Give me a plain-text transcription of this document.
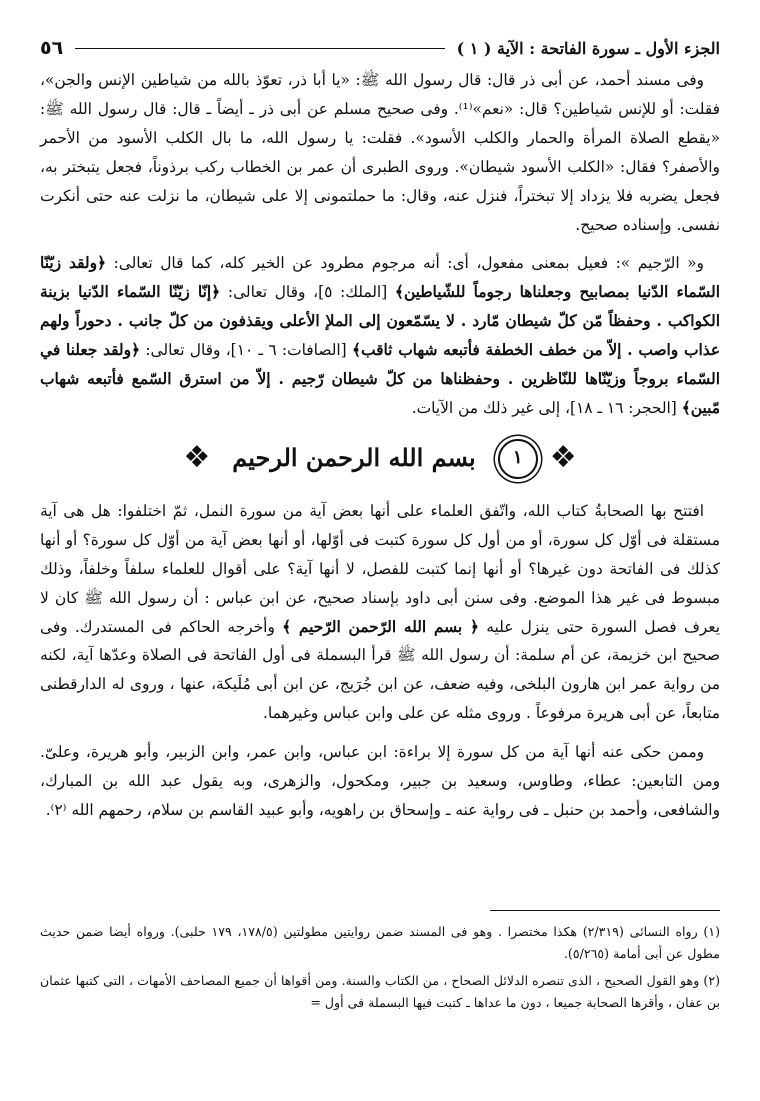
٥٦	الجزء الأول ـ سورة الفاتحة : الآية ( ١ )

وفى مسند أحمد، عن أبى ذر قال: قال رسول الله ﷺ: «يا أبا ذر، تعوّذ بالله من شياطين الإنس والجن»، فقلت: أو للإنس شياطين؟ قال: «نعم»⁽¹⁾. وفى صحيح مسلم عن أبى ذر ـ أيضاً ـ قال: قال رسول الله ﷺ: «يقطع الصلاة المرأة والحمار والكلب الأسود». فقلت: يا رسول الله، ما بال الكلب الأسود من الأحمر والأصفر؟ فقال: «الكلب الأسود شيطان». وروى الطبرى أن عمر بن الخطاب ركب برذوناً، فجعل يتبختر به، فجعل يضربه فلا يزداد إلا تبختراً، فنزل عنه، وقال: ما حملتمونى إلا على شيطان، ما نزلت عنه حتى أنكرت نفسى. وإسناده صحيح.

و« الرّجيم »: فعيل بمعنى مفعول، أى: أنه مرجوم مطرود عن الخير كله، كما قال تعالى: ﴿ولقد زيّنّا السّماء الدّنيا بمصابيح وجعلناها رجوماً للشّياطين﴾ [الملك: ٥]، وقال تعالى: ﴿إنّا زيّنّا السّماء الدّنيا بزينة الكواكب . وحفظاً مّن كلّ شيطان مّارد . لا يسّمّعون إلى الملإ الأعلى ويقذفون من كلّ جانب . دحوراً ولهم عذاب واصب . إلاّ من خطف الخطفة فأتبعه شهاب ثاقب﴾ [الصافات: ٦ ـ ١٠]، وقال تعالى: ﴿ولقد جعلنا في السّماء بروجاً وزيّنّاها للنّاظرين . وحفظناها من كلّ شيطان رّجيم . إلاّ من استرق السّمع فأتبعه شهاب مّبين﴾ [الحجر: ١٦ ـ ١٨]، إلى غير ذلك من الآيات.

❖
١
بسم الله الرحمن الرحيم
❖

افتتح بها الصحابةُ كتاب الله، واتّفق العلماء على أنها بعض آية من سورة النمل، ثمّ اختلفوا: هل هى آية مستقلة فى أوّل كل سورة، أو من أول كل سورة كتبت فى أوّلها، أو أنها بعض آية من أوّل كل سورة؟ أو أنها كذلك فى الفاتحة دون غيرها؟ أو أنها إنما كتبت للفصل، لا أنها آية؟ على أقوال للعلماء سلفاً وخلفاً، وذلك مبسوط فى غير هذا الموضع. وفى سنن أبى داود بإسناد صحيح، عن ابن عباس : أن رسول الله ﷺ كان لا يعرف فصل السورة حتى ينزل عليه ﴿ بسم الله الرّحمن الرّحيم ﴾ وأخرجه الحاكم فى المستدرك. وفى صحيح ابن خزيمة، عن أم سلمة: أن رسول الله ﷺ قرأ البسملة فى أول الفاتحة فى الصلاة وعدّها آية، لكنه من رواية عمر ابن هارون البلخى، وفيه ضعف، عن ابن جُرَيج، عن ابن أبى مُلَيكة، عنها ، وروى له الدارقطنى متابعاً، عن أبى هريرة مرفوعاً . وروى مثله عن على وابن عباس وغيرهما.

وممن حكى عنه أنها آية من كل سورة إلا براءة: ابن عباس، وابن عمر، وابن الزبير، وأبو هريرة، وعلىّ. ومن التابعين: عطاء، وطاوس، وسعيد بن جبير، ومكحول، والزهرى، وبه يقول عبد الله بن المبارك، والشافعى، وأحمد بن حنبل ـ فى رواية عنه ـ وإسحاق بن راهويه، وأبو عبيد القاسم بن سلام، رحمهم الله ⁽٢⁾.

(١) رواه النسائى (٢/٣١٩) هكذا مختصرا . وهو فى المسند ضمن روايتين مطولتين (١٧٨/٥، ١٧٩ حلبى). ورواه أيضا ضمن حديث مطول عن أبى أمامة (٥/٢٦٥).

(٢) وهو القول الصحيح ، الذى تنصره الدلائل الصحاح ، من الكتاب والسنة. ومن أقواها أن جميع المصاحف الأمهات ، التى كتبها عثمان بن عفان ، وأقرها الصحابة جميعا ، دون ما عداها ـ كتبت فيها البسملة فى أول =
